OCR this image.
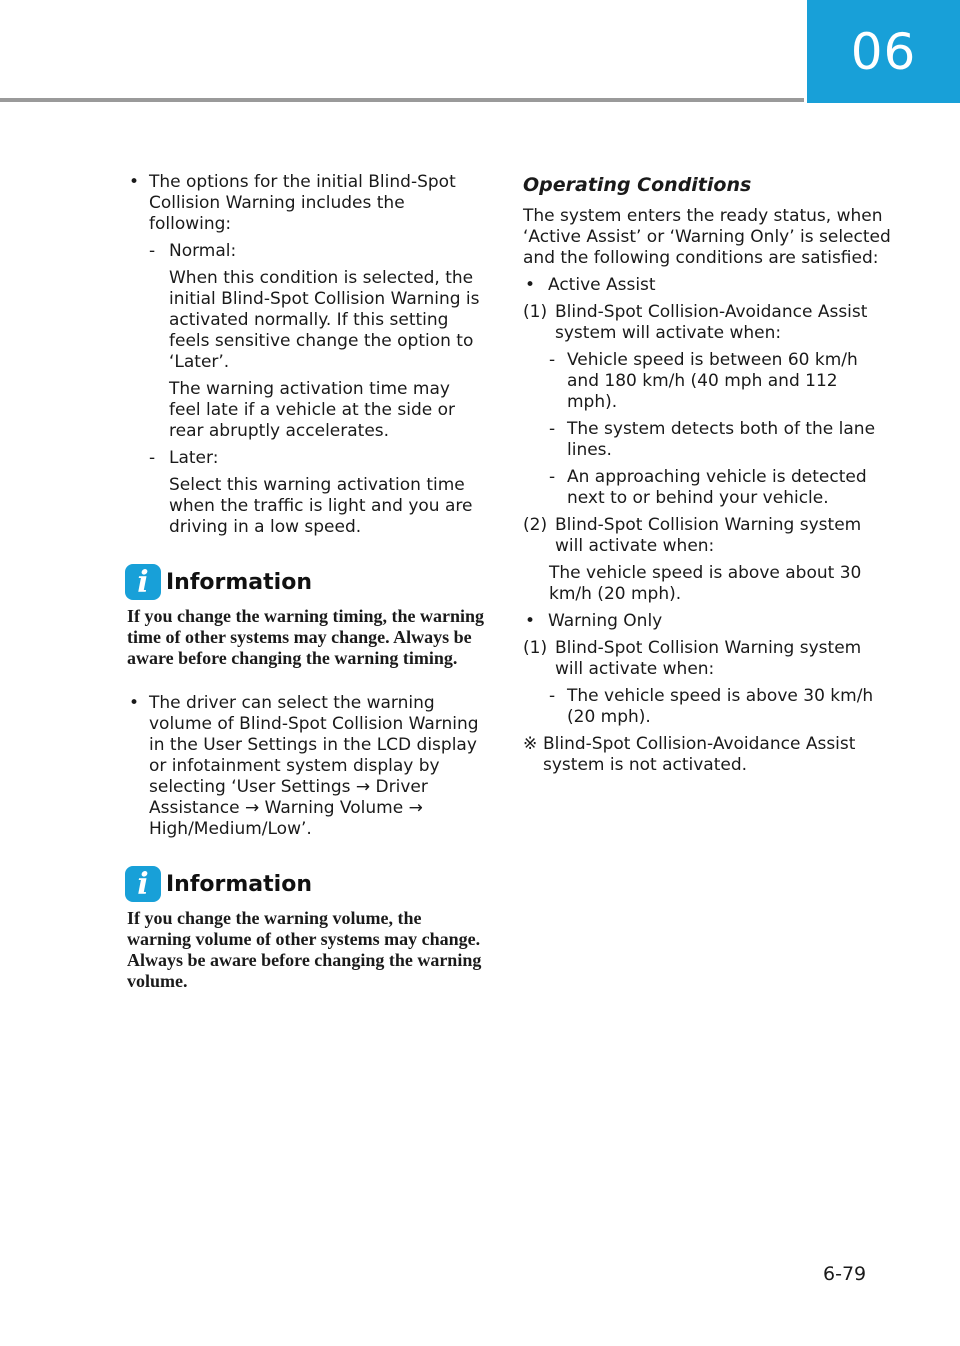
06

• The options for the initial Blind-Spot Collision Warning includes the following:

- Normal:

When this condition is selected, the initial Blind-Spot Collision Warning is activated normally. If this setting feels sensitive change the option to ‘Later’.

The warning activation time may feel late if a vehicle at the side or rear abruptly accelerates.

- Later:

Select this warning activation time when the traffic is light and you are driving in a low speed.

i Information

If you change the warning timing, the warning time of other systems may change. Always be aware before changing the warning timing.

• The driver can select the warning volume of Blind-Spot Collision Warning in the User Settings in the LCD display or infotainment system display by selecting ‘User Settings → Driver Assistance → Warning Volume → High/Medium/Low’.

i Information

If you change the warning volume, the warning volume of other systems may change. Always be aware before changing the warning volume.

Operating Conditions

The system enters the ready status, when ‘Active Assist’ or ‘Warning Only’ is selected and the following conditions are satisfied:

• Active Assist

(1) Blind-Spot Collision-Avoidance Assist system will activate when:

- Vehicle speed is between 60 km/h and 180 km/h (40 mph and 112 mph).

- The system detects both of the lane lines.

- An approaching vehicle is detected next to or behind your vehicle.

(2) Blind-Spot Collision Warning system will activate when:

The vehicle speed is above about 30 km/h (20 mph).

• Warning Only

(1) Blind-Spot Collision Warning system will activate when:

- The vehicle speed is above 30 km/h (20 mph).

※ Blind-Spot Collision-Avoidance Assist system is not activated.

6-79
